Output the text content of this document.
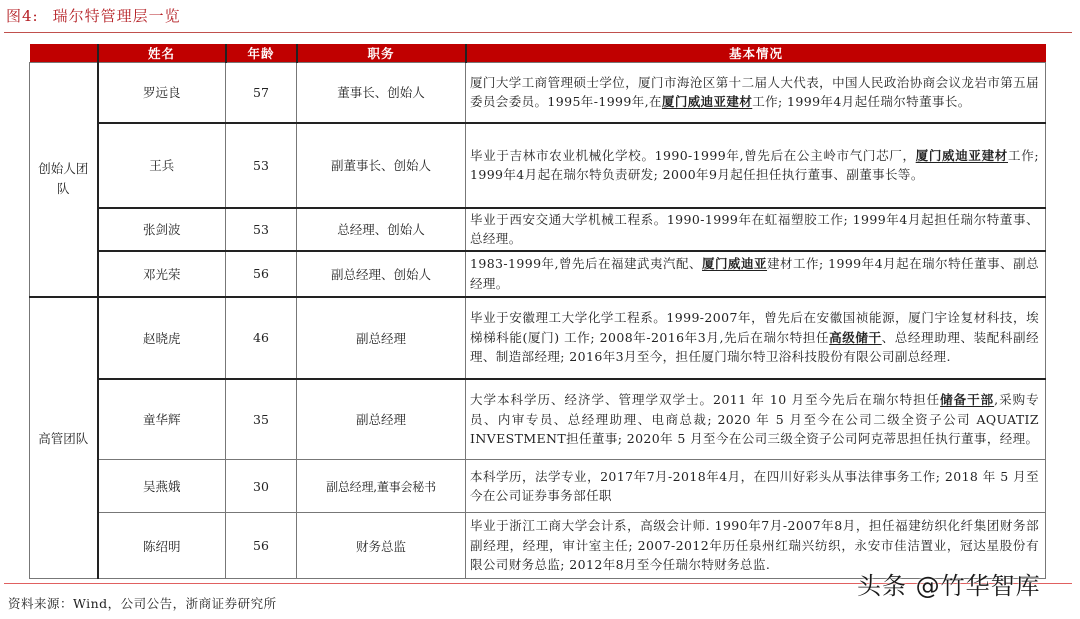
图4: 瑞尔特管理层一览
	姓名	年龄	职务	基本情况
创始人团队	罗远良	57	董事长、创始人	厦门大学工商管理硕士学位，厦门市海沧区第十二届人大代表，中国人民政治协商会议龙岩市第五届委员会委员。1995年-1999年,在厦门威迪亚建材工作; 1999年4月起任瑞尔特董事长。
	王兵	53	副董事长、创始人	毕业于吉林市农业机械化学校。1990-1999年,曾先后在公主岭市气门芯厂，厦门威迪亚建材工作; 1999年4月起在瑞尔特负责研发; 2000年9月起任担任执行董事、副董事长等。
	张剑波	53	总经理、创始人	毕业于西安交通大学机械工程系。1990-1999年在虹福塑胶工作; 1999年4月起担任瑞尔特董事、总经理。
	邓光荣	56	副总经理、创始人	1983-1999年,曾先后在福建武夷汽配、厦门威迪亚建材工作; 1999年4月起在瑞尔特任董事、副总经理。
高管团队	赵晓虎	46	副总经理	毕业于安徽理工大学化学工程系。1999-2007年，曾先后在安徽国祯能源，厦门宇诠复材科技，埃梯梯科能(厦门) 工作; 2008年-2016年3月,先后在瑞尔特担任高级储干、总经理助理、装配科副经理、制造部经理; 2016年3月至今，担任厦门瑞尔特卫浴科技股份有限公司副总经理.
	童华辉	35	副总经理	大学本科学历、经济学、管理学双学士。2011 年 10 月至今先后在瑞尔特担任储备干部,采购专员、内审专员、总经理助理、电商总裁; 2020 年 5 月至今在公司二级全资子公司 AQUATIZ INVESTMENT担任董事; 2020年 5 月至今在公司三级全资子公司阿克蒂思担任执行董事，经理。
	吴燕娥	30	副总经理,董事会秘书	本科学历，法学专业，2017年7月-2018年4月，在四川好彩头从事法律事务工作; 2018 年 5 月至今在公司证券事务部任职
	陈绍明	56	财务总监	毕业于浙江工商大学会计系，高级会计师. 1990年7月-2007年8月，担任福建纺织化纤集团财务部副经理，经理，审计室主任; 2007-2012年历任泉州红瑞兴纺织，永安市佳洁置业，冠达星股份有限公司财务总监; 2012年8月至今任瑞尔特财务总监.
资料来源：Wind，公司公告，浙商证券研究所
头条 @竹华智库
